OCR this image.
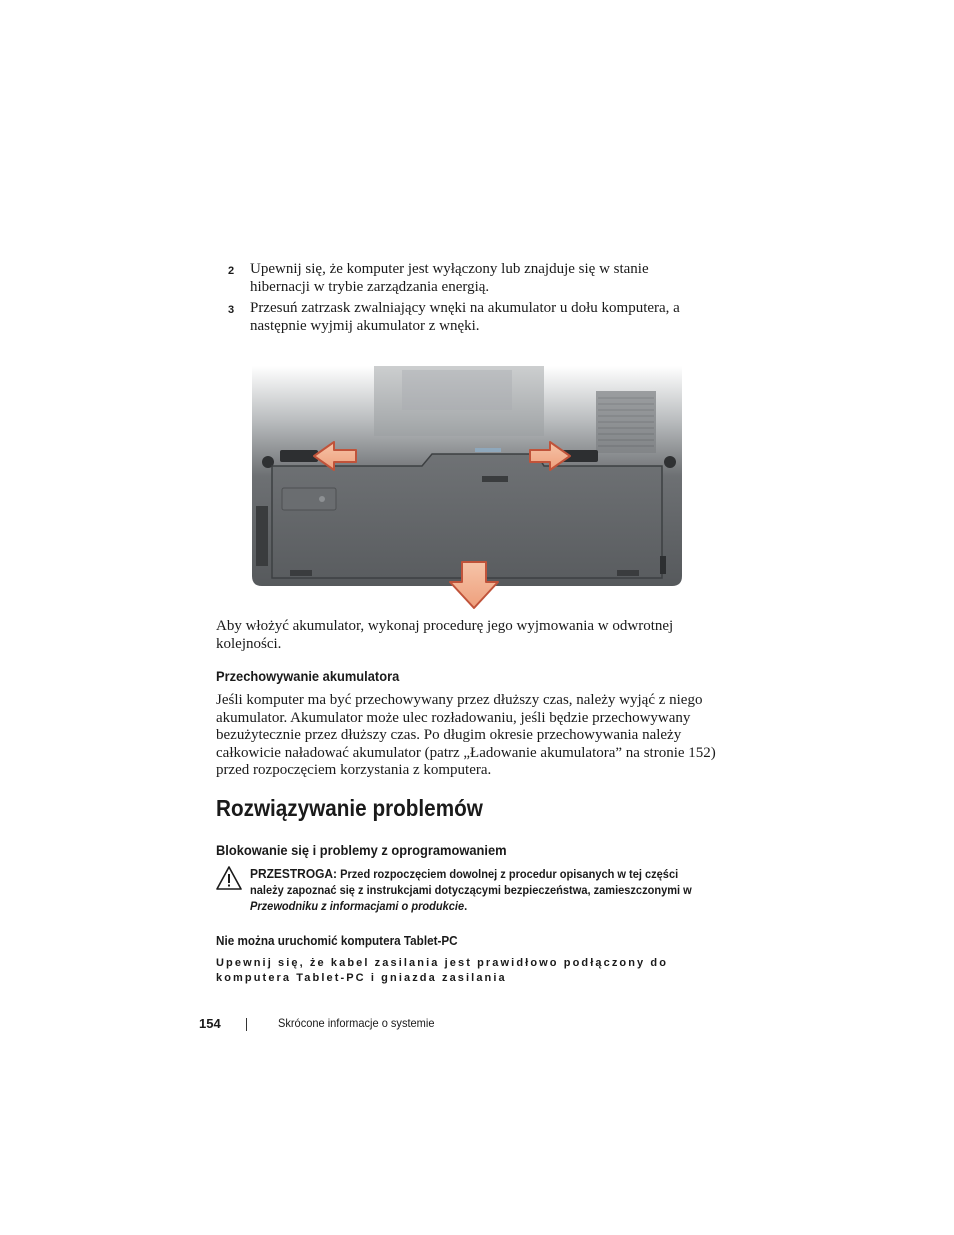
2 Upewnij się, że komputer jest wyłączony lub znajduje się w stanie hibernacji w trybie zarządzania energią.
3 Przesuń zatrzask zwalniający wnęki na akumulator u dołu komputera, a następnie wyjmij akumulator z wnęki.
Aby włożyć akumulator, wykonaj procedurę jego wyjmowania w odwrotnej kolejności.
Przechowywanie akumulatora
Jeśli komputer ma być przechowywany przez dłuższy czas, należy wyjąć z niego akumulator. Akumulator może ulec rozładowaniu, jeśli będzie przechowywany bezużytecznie przez dłuższy czas. Po długim okresie przechowywania należy całkowicie naładować akumulator (patrz „Ładowanie akumulatora” na stronie 152) przed rozpoczęciem korzystania z komputera.
Rozwiązywanie problemów
Blokowanie się i problemy z oprogramowaniem
PRZESTROGA: Przed rozpoczęciem dowolnej z procedur opisanych w tej części należy zapoznać się z instrukcjami dotyczącymi bezpieczeństwa, zamieszczonymi w Przewodniku z informacjami o produkcie.
Nie można uruchomić komputera Tablet-PC
Upewnij się, że kabel zasilania jest prawidłowo podłączony do komputera Tablet-PC i gniazda zasilania
154	Skrócone informacje o systemie
